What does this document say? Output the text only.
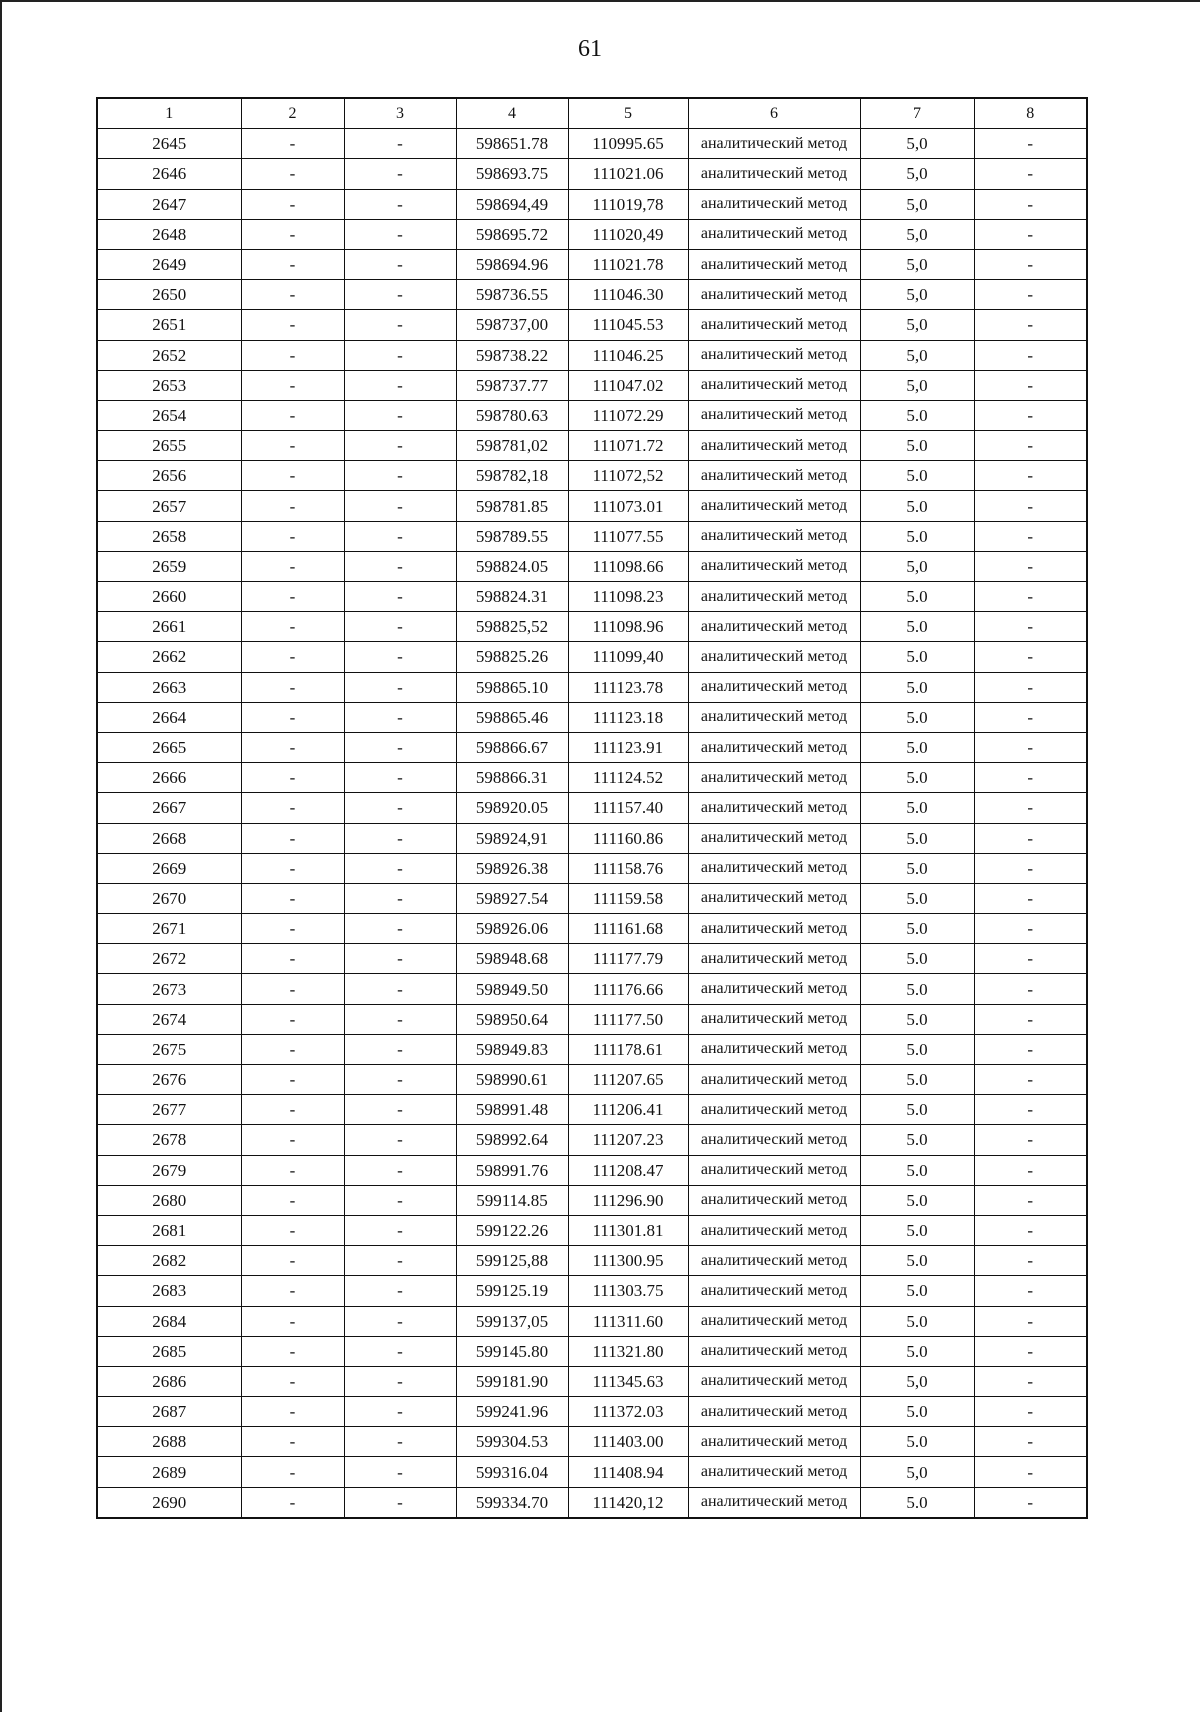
61
1	2	3	4	5	6	7	8
2645	-	-	598651.78	110995.65	аналитический метод	5,0	-
2646	-	-	598693.75	111021.06	аналитический метод	5,0	-
2647	-	-	598694,49	111019,78	аналитический метод	5,0	-
2648	-	-	598695.72	111020,49	аналитический метод	5,0	-
2649	-	-	598694.96	111021.78	аналитический метод	5,0	-
2650	-	-	598736.55	111046.30	аналитический метод	5,0	-
2651	-	-	598737,00	111045.53	аналитический метод	5,0	-
2652	-	-	598738.22	111046.25	аналитический метод	5,0	-
2653	-	-	598737.77	111047.02	аналитический метод	5,0	-
2654	-	-	598780.63	111072.29	аналитический метод	5.0	-
2655	-	-	598781,02	111071.72	аналитический метод	5.0	-
2656	-	-	598782,18	111072,52	аналитический метод	5.0	-
2657	-	-	598781.85	111073.01	аналитический метод	5.0	-
2658	-	-	598789.55	111077.55	аналитический метод	5.0	-
2659	-	-	598824.05	111098.66	аналитический метод	5,0	-
2660	-	-	598824.31	111098.23	аналитический метод	5.0	-
2661	-	-	598825,52	111098.96	аналитический метод	5.0	-
2662	-	-	598825.26	111099,40	аналитический метод	5.0	-
2663	-	-	598865.10	111123.78	аналитический метод	5.0	-
2664	-	-	598865.46	111123.18	аналитический метод	5.0	-
2665	-	-	598866.67	111123.91	аналитический метод	5.0	-
2666	-	-	598866.31	111124.52	аналитический метод	5.0	-
2667	-	-	598920.05	111157.40	аналитический метод	5.0	-
2668	-	-	598924,91	111160.86	аналитический метод	5.0	-
2669	-	-	598926.38	111158.76	аналитический метод	5.0	-
2670	-	-	598927.54	111159.58	аналитический метод	5.0	-
2671	-	-	598926.06	111161.68	аналитический метод	5.0	-
2672	-	-	598948.68	111177.79	аналитический метод	5.0	-
2673	-	-	598949.50	111176.66	аналитический метод	5.0	-
2674	-	-	598950.64	111177.50	аналитический метод	5.0	-
2675	-	-	598949.83	111178.61	аналитический метод	5.0	-
2676	-	-	598990.61	111207.65	аналитический метод	5.0	-
2677	-	-	598991.48	111206.41	аналитический метод	5.0	-
2678	-	-	598992.64	111207.23	аналитический метод	5.0	-
2679	-	-	598991.76	111208.47	аналитический метод	5.0	-
2680	-	-	599114.85	111296.90	аналитический метод	5.0	-
2681	-	-	599122.26	111301.81	аналитический метод	5.0	-
2682	-	-	599125,88	111300.95	аналитический метод	5.0	-
2683	-	-	599125.19	111303.75	аналитический метод	5.0	-
2684	-	-	599137,05	111311.60	аналитический метод	5.0	-
2685	-	-	599145.80	111321.80	аналитический метод	5.0	-
2686	-	-	599181.90	111345.63	аналитический метод	5,0	-
2687	-	-	599241.96	111372.03	аналитический метод	5.0	-
2688	-	-	599304.53	111403.00	аналитический метод	5.0	-
2689	-	-	599316.04	111408.94	аналитический метод	5,0	-
2690	-	-	599334.70	111420,12	аналитический метод	5.0	-
